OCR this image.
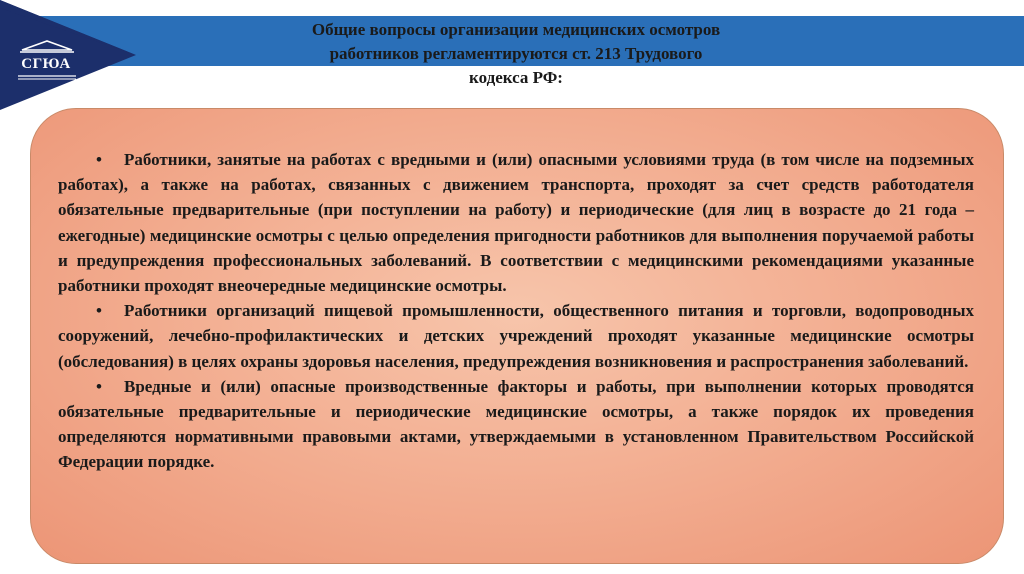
СГЮА
Общие вопросы организации медицинских осмотров
работников регламентируются ст. 213 Трудового
кодекса РФ:

• Работники, занятые на работах с вредными и (или) опасными условиями труда (в том числе на подземных работах), а также на работах, связанных с движением транспорта, проходят за счет средств работодателя обязательные предварительные (при поступлении на работу) и периодические (для лиц в возрасте до 21 года – ежегодные) медицинские осмотры с целью определения пригодности работников для выполнения поручаемой работы и предупреждения профессиональных заболеваний. В соответствии с медицинскими рекомендациями указанные работники проходят внеочередные медицинские осмотры.

• Работники организаций пищевой промышленности, общественного питания и торговли, водопроводных сооружений, лечебно-профилактических и детских учреждений проходят указанные медицинские осмотры (обследования) в целях охраны здоровья населения, предупреждения возникновения и распространения заболеваний.

• Вредные и (или) опасные производственные факторы и работы, при выполнении которых проводятся обязательные предварительные и периодические медицинские осмотры, а также порядок их проведения определяются нормативными правовыми актами, утверждаемыми в установленном Правительством Российской Федерации порядке.
